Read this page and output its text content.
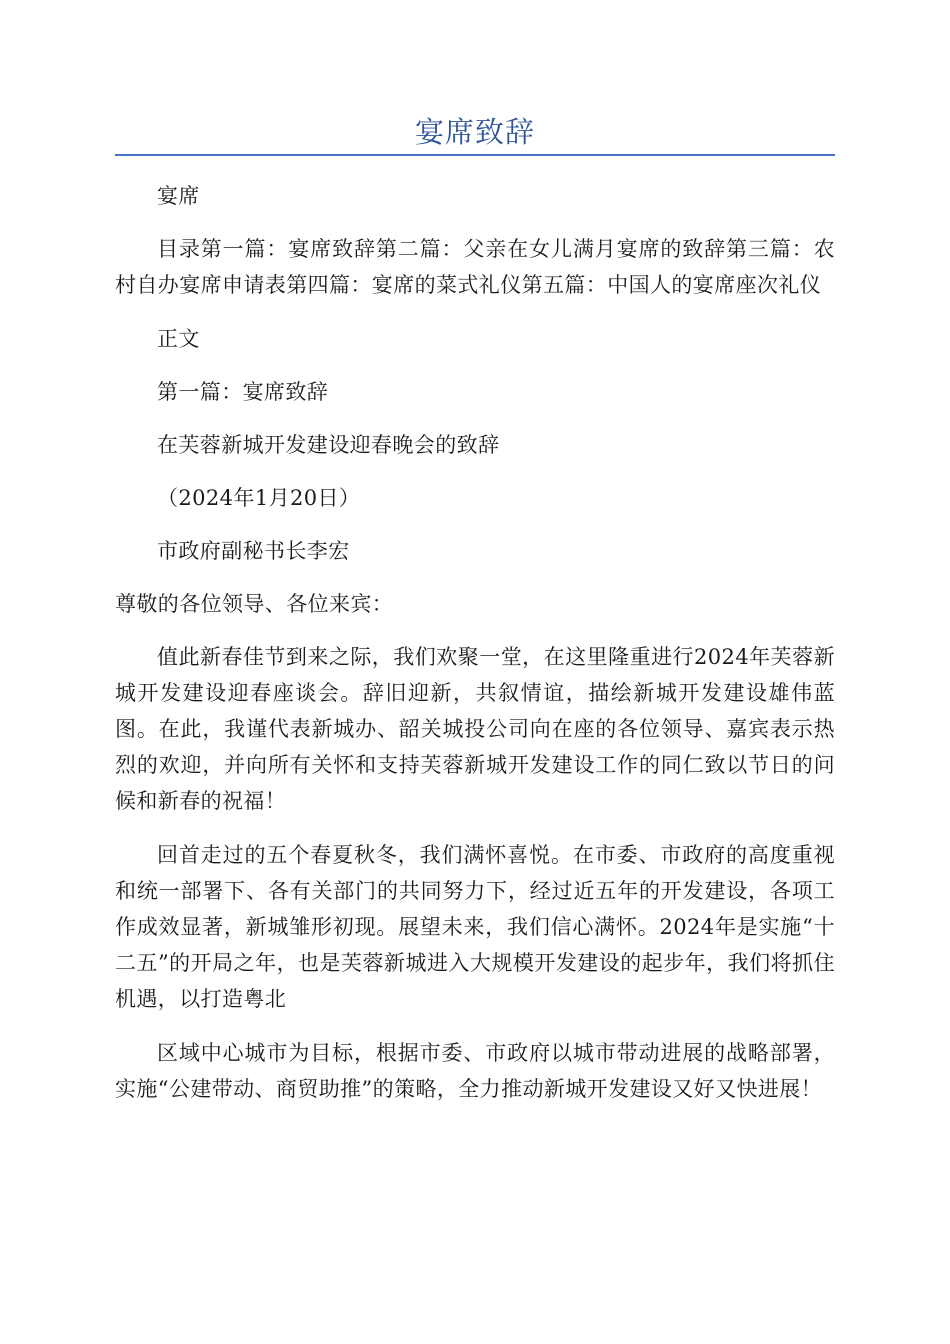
宴席致辞

宴席

目录第一篇：宴席致辞第二篇：父亲在女儿满月宴席的致辞第三篇：农村自办宴席申请表第四篇：宴席的菜式礼仪第五篇：中国人的宴席座次礼仪

正文

第一篇：宴席致辞

在芙蓉新城开发建设迎春晚会的致辞

（2024年1月20日）

市政府副秘书长李宏

尊敬的各位领导、各位来宾：

值此新春佳节到来之际，我们欢聚一堂，在这里隆重进行2024年芙蓉新城开发建设迎春座谈会。辞旧迎新，共叙情谊，描绘新城开发建设雄伟蓝图。在此，我谨代表新城办、韶关城投公司向在座的各位领导、嘉宾表示热烈的欢迎，并向所有关怀和支持芙蓉新城开发建设工作的同仁致以节日的问候和新春的祝福！

回首走过的五个春夏秋冬，我们满怀喜悦。在市委、市政府的高度重视和统一部署下、各有关部门的共同努力下，经过近五年的开发建设，各项工作成效显著，新城雏形初现。展望未来，我们信心满怀。2024年是实施“十二五”的开局之年，也是芙蓉新城进入大规模开发建设的起步年，我们将抓住机遇，以打造粤北

区域中心城市为目标，根据市委、市政府以城市带动进展的战略部署，实施“公建带动、商贸助推”的策略，全力推动新城开发建设又好又快进展！
